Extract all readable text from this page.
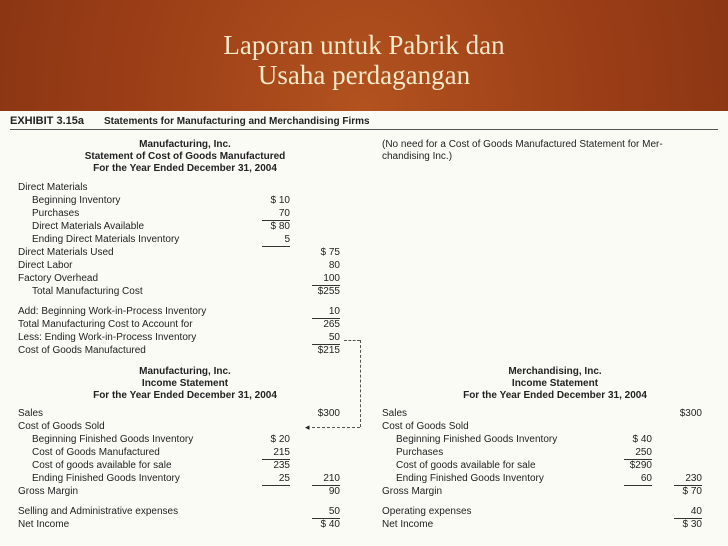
Laporan untuk Pabrik dan
Usaha perdagangan
EXHIBIT 3.15a Statements for Manufacturing and Merchandising Firms
Manufacturing, Inc.
Statement of Cost of Goods Manufactured
For the Year Ended December 31, 2004
(No need for a Cost of Goods Manufactured Statement for Mer-
chandising Inc.)
Direct Materials
Beginning Inventory	$ 10
Purchases	70
Direct Materials Available	$ 80
Ending Direct Materials Inventory	5
Direct Materials Used	$ 75
Direct Labor	80
Factory Overhead	100
Total Manufacturing Cost	$255
Add: Beginning Work-in-Process Inventory	10
Total Manufacturing Cost to Account for	265
Less: Ending Work-in-Process Inventory	50
Cost of Goods Manufactured	$215
◂
Manufacturing, Inc.
Income Statement
For the Year Ended December 31, 2004
Sales	$300
Cost of Goods Sold
Beginning Finished Goods Inventory	$ 20
Cost of Goods Manufactured	215
Cost of goods available for sale	235
Ending Finished Goods Inventory	25	210
Gross Margin	90
Selling and Administrative expenses	50
Net Income	$ 40
Merchandising, Inc.
Income Statement
For the Year Ended December 31, 2004
Sales	$300
Cost of Goods Sold
Beginning Finished Goods Inventory	$ 40
Purchases	250
Cost of goods available for sale	$290
Ending Finished Goods Inventory	60	230
Gross Margin	$ 70
Operating expenses	40
Net Income	$ 30
